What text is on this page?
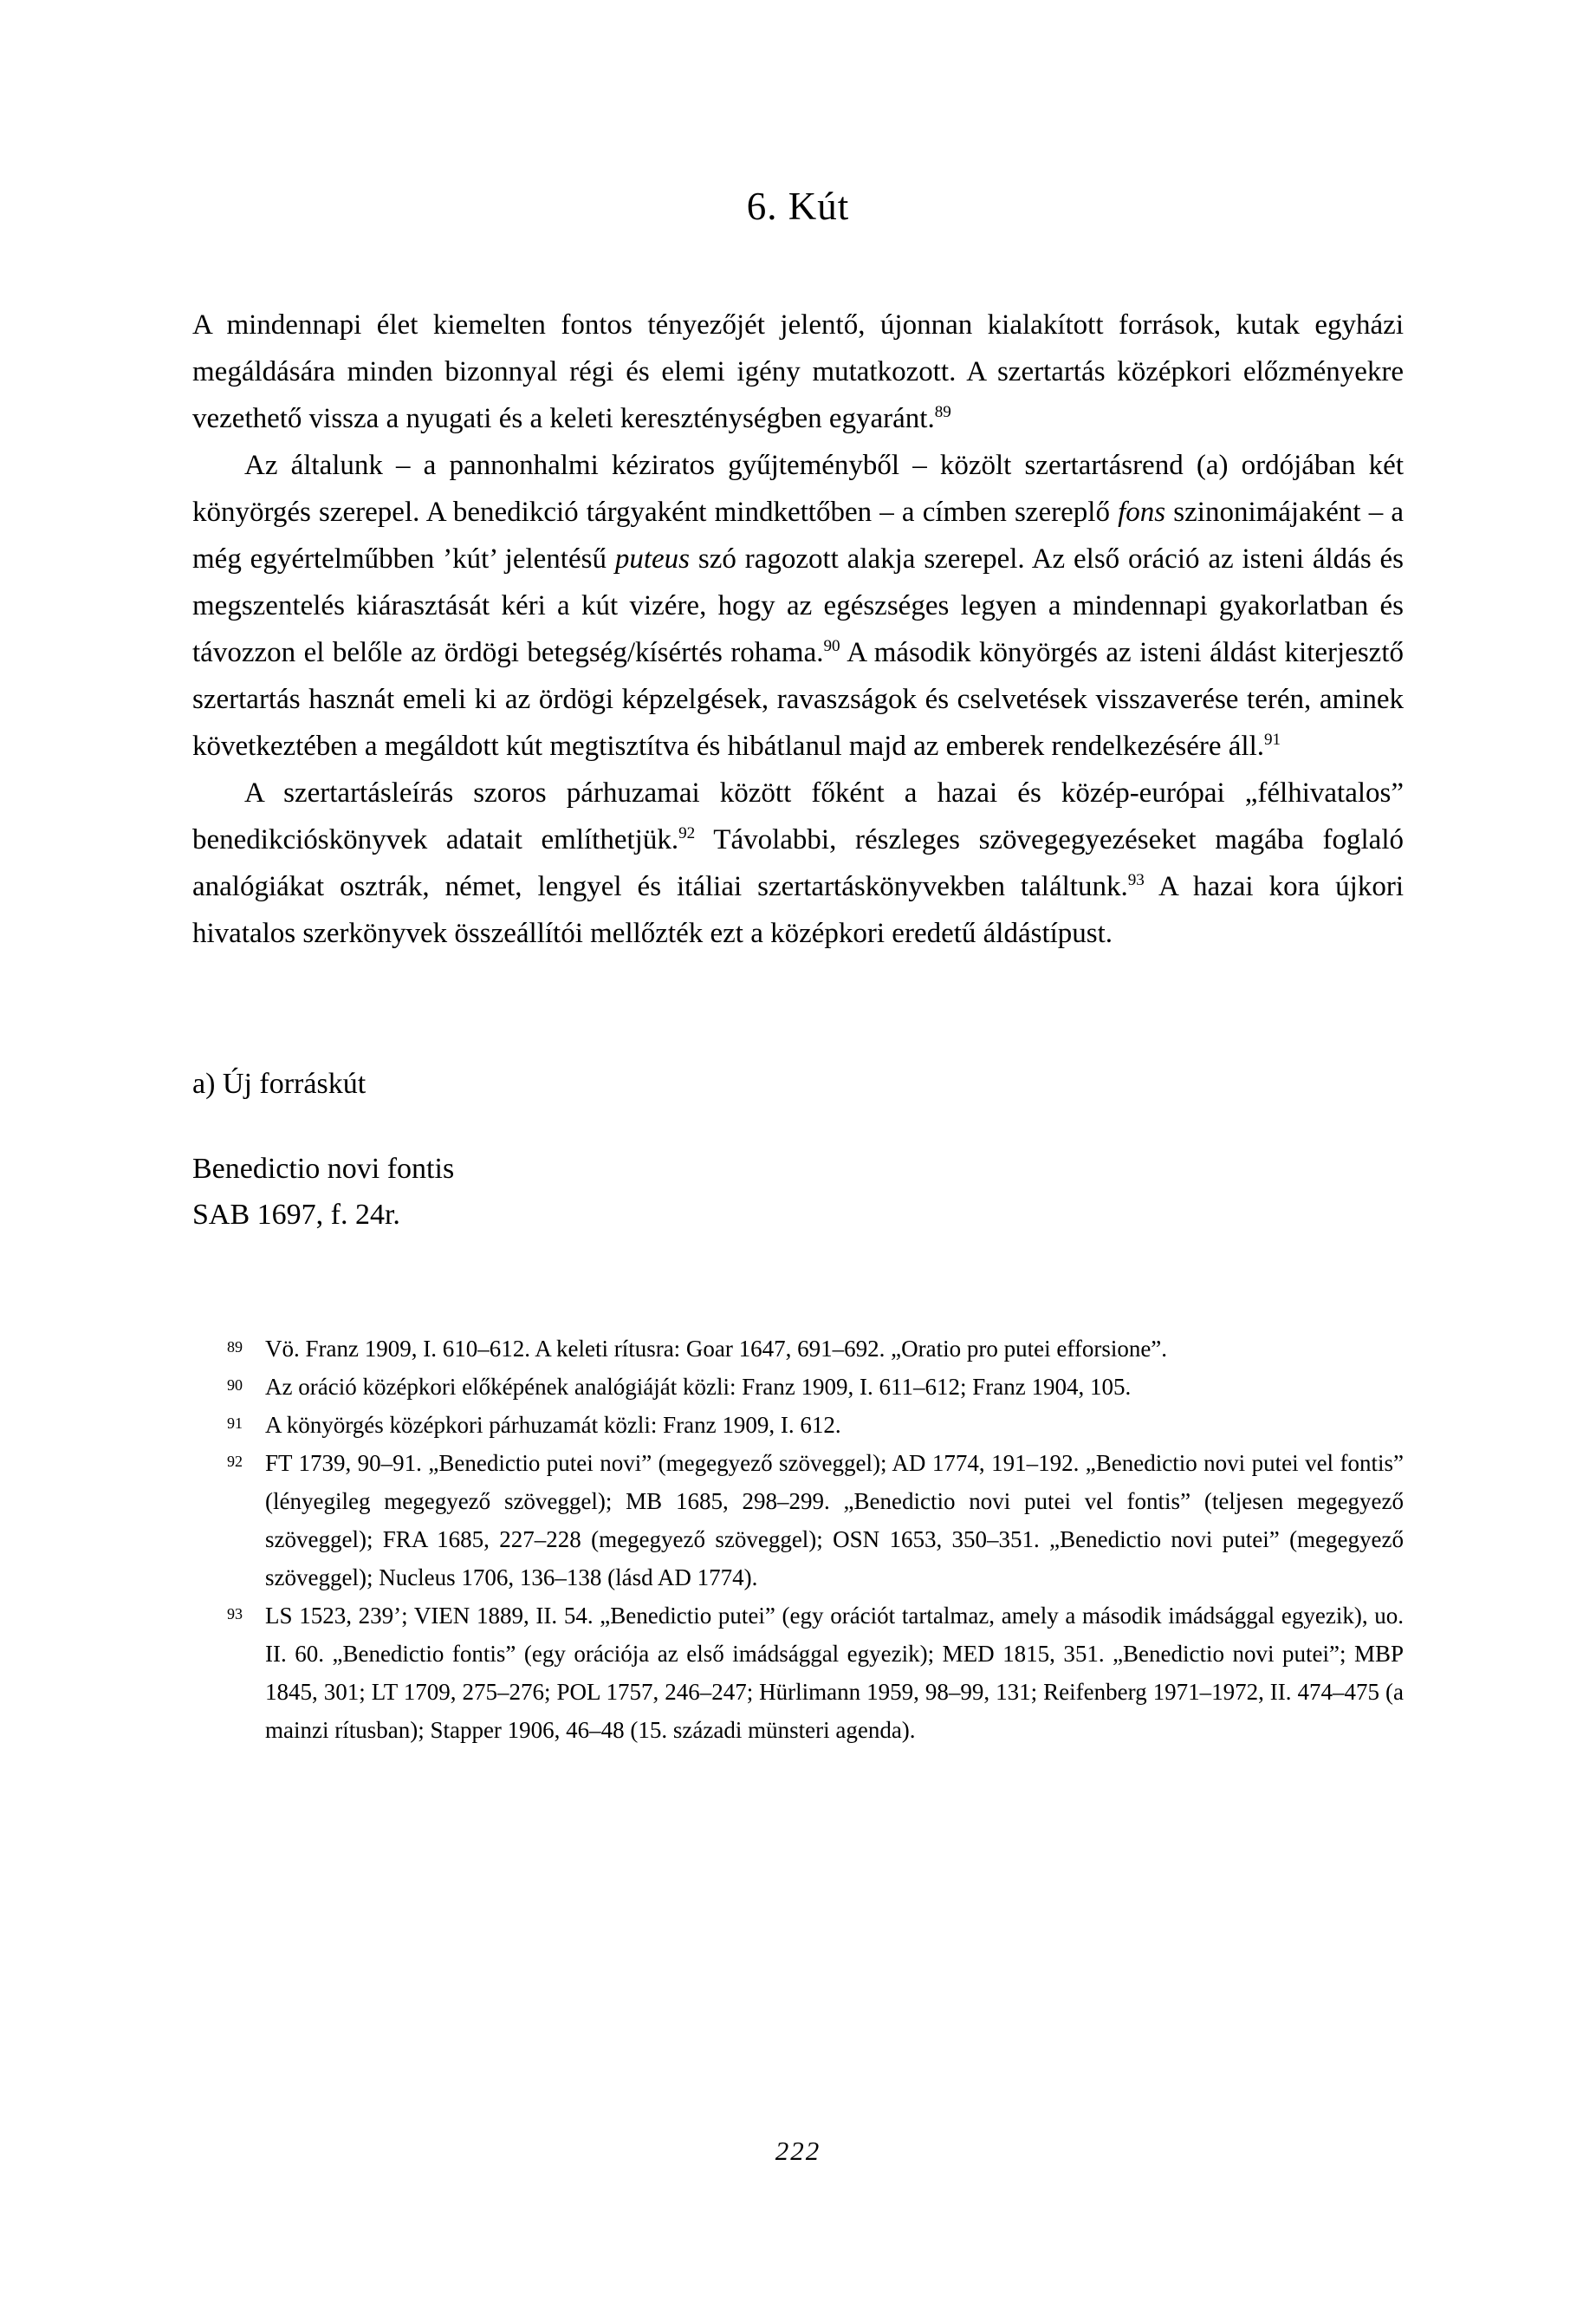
6. Kút

A mindennapi élet kiemelten fontos tényezőjét jelentő, újonnan kialakított források, kutak egyházi megáldására minden bizonnyal régi és elemi igény mutatkozott. A szertartás középkori előzményekre vezethető vissza a nyugati és a keleti kereszténységben egyaránt.$^{89}$

Az általunk – a pannonhalmi kéziratos gyűjteményből – közölt szertartásrend (a) ordójában két könyörgés szerepel. A benedikció tárgyaként mindkettőben – a címben szereplő fons szinonimájaként – a még egyértelműbben ’kút’ jelentésű puteus szó ragozott alakja szerepel. Az első oráció az isteni áldás és megszentelés kiárasztását kéri a kút vizére, hogy az egészséges legyen a mindennapi gyakorlatban és távozzon el belőle az ördögi betegség/kísértés rohama.$^{90}$ A második könyörgés az isteni áldást kiterjesztő szertartás hasznát emeli ki az ördögi képzelgések, ravaszságok és cselvetések visszaverése terén, aminek következtében a megáldott kút megtisztítva és hibátlanul majd az emberek rendelkezésére áll.$^{91}$

A szertartásleírás szoros párhuzamai között főként a hazai és közép-európai „félhivatalos” benedikcióskönyvek adatait említhetjük.$^{92}$ Távolabbi, részleges szövegegyezéseket magába foglaló analógiákat osztrák, német, lengyel és itáliai szertartáskönyvekben találtunk.$^{93}$ A hazai kora újkori hivatalos szerkönyvek összeállítói mellőzték ezt a középkori eredetű áldástípust.

a) Új forráskút
Benedictio novi fontis
SAB 1697, f. 24r.
89 Vö. Franz 1909, I. 610–612. A keleti rítusra: Goar 1647, 691–692. „Oratio pro putei efforsione”.
90 Az oráció középkori előképének analógiáját közli: Franz 1909, I. 611–612; Franz 1904, 105.
91 A könyörgés középkori párhuzamát közli: Franz 1909, I. 612.
92 FT 1739, 90–91. „Benedictio putei novi” (megegyező szöveggel); AD 1774, 191–192. „Benedictio novi putei vel fontis” (lényegileg megegyező szöveggel); MB 1685, 298–299. „Benedictio novi putei vel fontis” (teljesen megegyező szöveggel); FRA 1685, 227–228 (megegyező szöveggel); OSN 1653, 350–351. „Benedictio novi putei” (megegyező szöveggel); Nucleus 1706, 136–138 (lásd AD 1774).
93 LS 1523, 239’; VIEN 1889, II. 54. „Benedictio putei” (egy orációt tartalmaz, amely a második imádsággal egyezik), uo. II. 60. „Benedictio fontis” (egy orációja az első imádsággal egyezik); MED 1815, 351. „Benedictio novi putei”; MBP 1845, 301; LT 1709, 275–276; POL 1757, 246–247; Hürlimann 1959, 98–99, 131; Reifenberg 1971–1972, II. 474–475 (a mainzi rítusban); Stapper 1906, 46–48 (15. századi münsteri agenda).
222
